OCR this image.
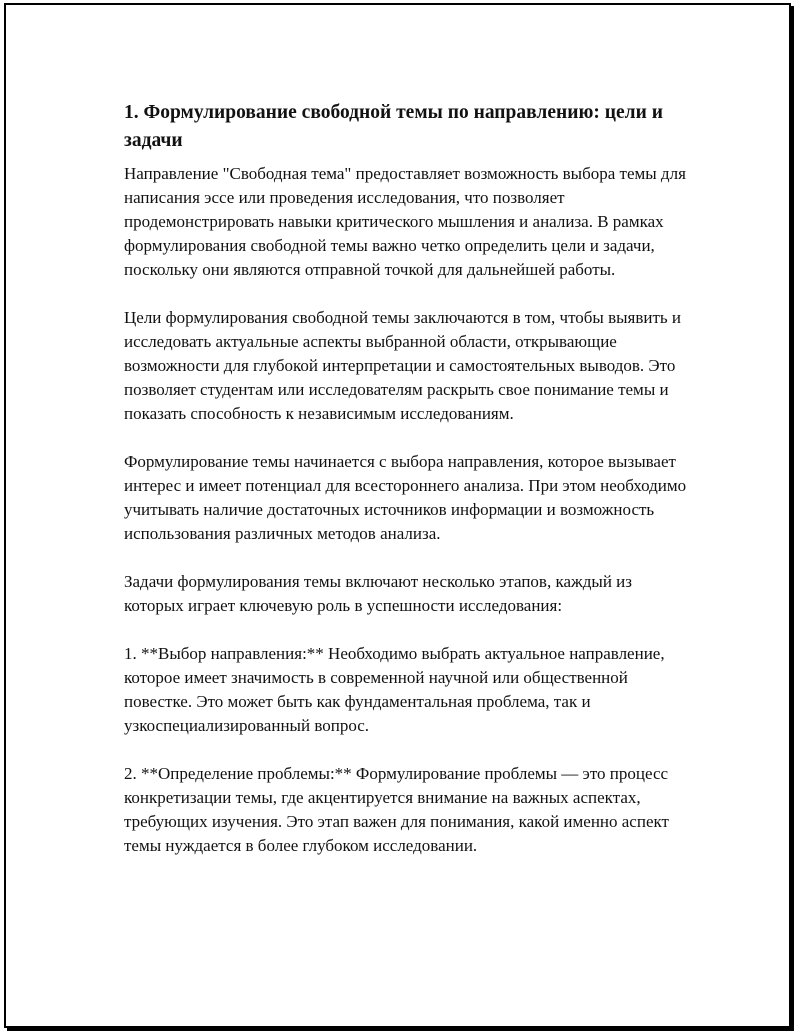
1. Формулирование свободной темы по направлению: цели и задачи

Направление "Свободная тема" предоставляет возможность выбора темы для написания эссе или проведения исследования, что позволяет продемонстрировать навыки критического мышления и анализа. В рамках формулирования свободной темы важно четко определить цели и задачи, поскольку они являются отправной точкой для дальнейшей работы.

Цели формулирования свободной темы заключаются в том, чтобы выявить и исследовать актуальные аспекты выбранной области, открывающие возможности для глубокой интерпретации и самостоятельных выводов. Это позволяет студентам или исследователям раскрыть свое понимание темы и показать способность к независимым исследованиям.

Формулирование темы начинается с выбора направления, которое вызывает интерес и имеет потенциал для всестороннего анализа. При этом необходимо учитывать наличие достаточных источников информации и возможность использования различных методов анализа.

Задачи формулирования темы включают несколько этапов, каждый из которых играет ключевую роль в успешности исследования:

1. **Выбор направления:** Необходимо выбрать актуальное направление, которое имеет значимость в современной научной или общественной повестке. Это может быть как фундаментальная проблема, так и узкоспециализированный вопрос.

2. **Определение проблемы:** Формулирование проблемы — это процесс конкретизации темы, где акцентируется внимание на важных аспектах, требующих изучения. Это этап важен для понимания, какой именно аспект темы нуждается в более глубоком исследовании.
